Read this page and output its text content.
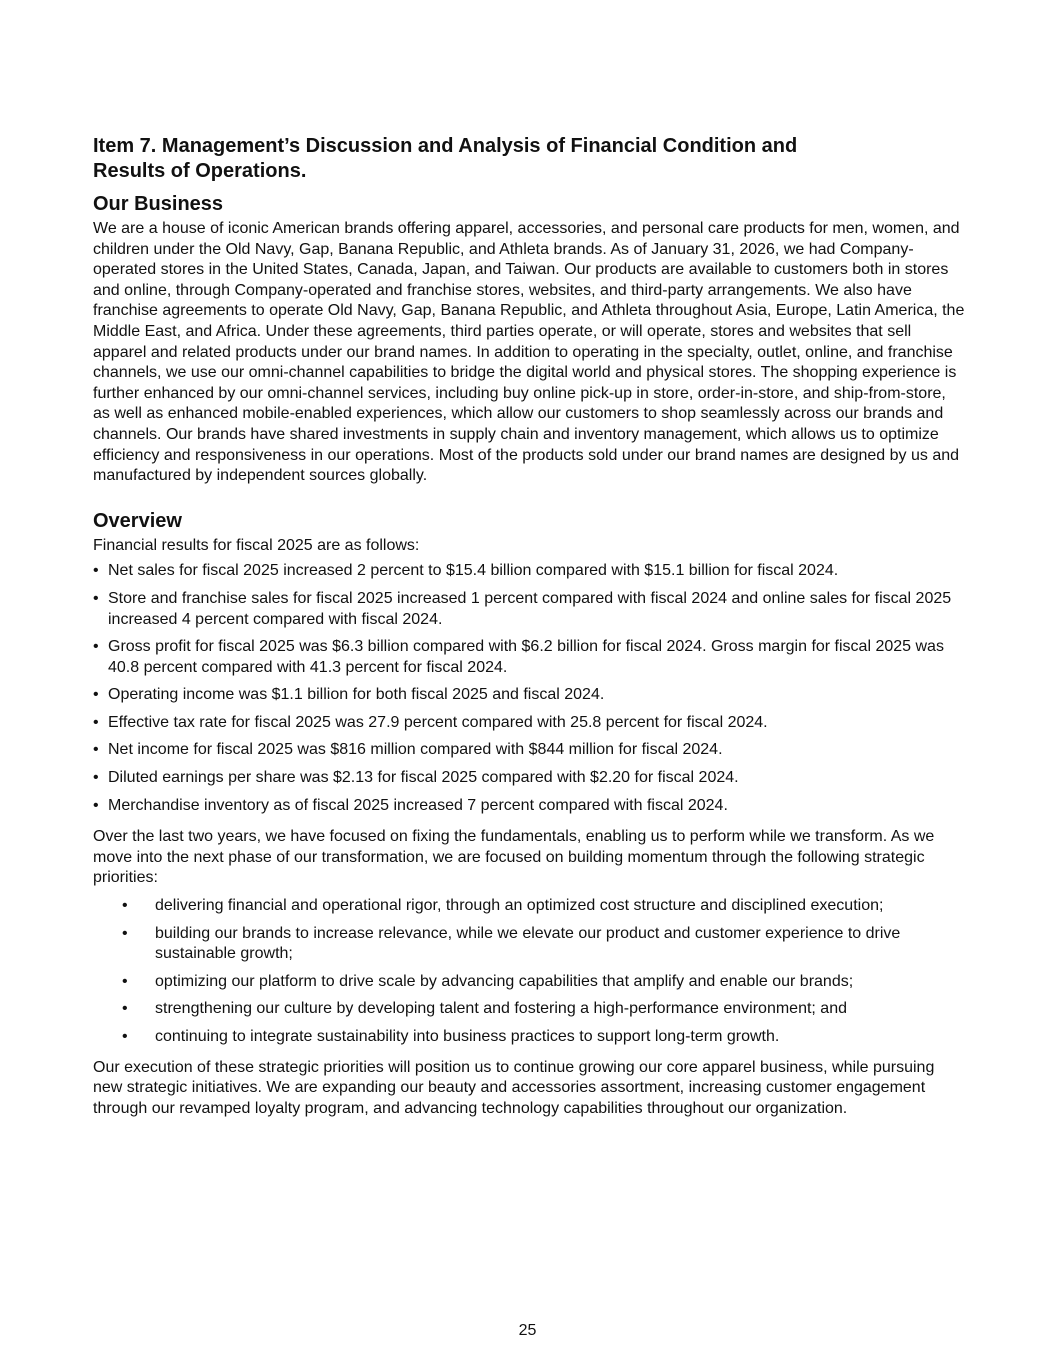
Item 7. Management’s Discussion and Analysis of Financial Condition and
Results of Operations.
Our Business

We are a house of iconic American brands offering apparel, accessories, and personal care products for men, women, and children under the Old Navy, Gap, Banana Republic, and Athleta brands. As of January 31, 2026, we had Company-operated stores in the United States, Canada, Japan, and Taiwan. Our products are available to customers both in stores and online, through Company-operated and franchise stores, websites, and third-party arrangements. We also have franchise agreements to operate Old Navy, Gap, Banana Republic, and Athleta throughout Asia, Europe, Latin America, the Middle East, and Africa. Under these agreements, third parties operate, or will operate, stores and websites that sell apparel and related products under our brand names. In addition to operating in the specialty, outlet, online, and franchise channels, we use our omni-channel capabilities to bridge the digital world and physical stores. The shopping experience is further enhanced by our omni-channel services, including buy online pick-up in store, order-in-store, and ship-from-store, as well as enhanced mobile-enabled experiences, which allow our customers to shop seamlessly across our brands and channels. Our brands have shared investments in supply chain and inventory management, which allows us to optimize efficiency and responsiveness in our operations. Most of the products sold under our brand names are designed by us and manufactured by independent sources globally.

Overview

Financial results for fiscal 2025 are as follows:

• Net sales for fiscal 2025 increased 2 percent to $15.4 billion compared with $15.1 billion for fiscal 2024.
• Store and franchise sales for fiscal 2025 increased 1 percent compared with fiscal 2024 and online sales for fiscal 2025 increased 4 percent compared with fiscal 2024.
• Gross profit for fiscal 2025 was $6.3 billion compared with $6.2 billion for fiscal 2024. Gross margin for fiscal 2025 was 40.8 percent compared with 41.3 percent for fiscal 2024.
• Operating income was $1.1 billion for both fiscal 2025 and fiscal 2024.
• Effective tax rate for fiscal 2025 was 27.9 percent compared with 25.8 percent for fiscal 2024.
• Net income for fiscal 2025 was $816 million compared with $844 million for fiscal 2024.
• Diluted earnings per share was $2.13 for fiscal 2025 compared with $2.20 for fiscal 2024.
• Merchandise inventory as of fiscal 2025 increased 7 percent compared with fiscal 2024.

Over the last two years, we have focused on fixing the fundamentals, enabling us to perform while we transform. As we move into the next phase of our transformation, we are focused on building momentum through the following strategic priorities:

• delivering financial and operational rigor, through an optimized cost structure and disciplined execution;
• building our brands to increase relevance, while we elevate our product and customer experience to drive sustainable growth;
• optimizing our platform to drive scale by advancing capabilities that amplify and enable our brands;
• strengthening our culture by developing talent and fostering a high-performance environment; and
• continuing to integrate sustainability into business practices to support long-term growth.

Our execution of these strategic priorities will position us to continue growing our core apparel business, while pursuing new strategic initiatives. We are expanding our beauty and accessories assortment, increasing customer engagement through our revamped loyalty program, and advancing technology capabilities throughout our organization.

25
